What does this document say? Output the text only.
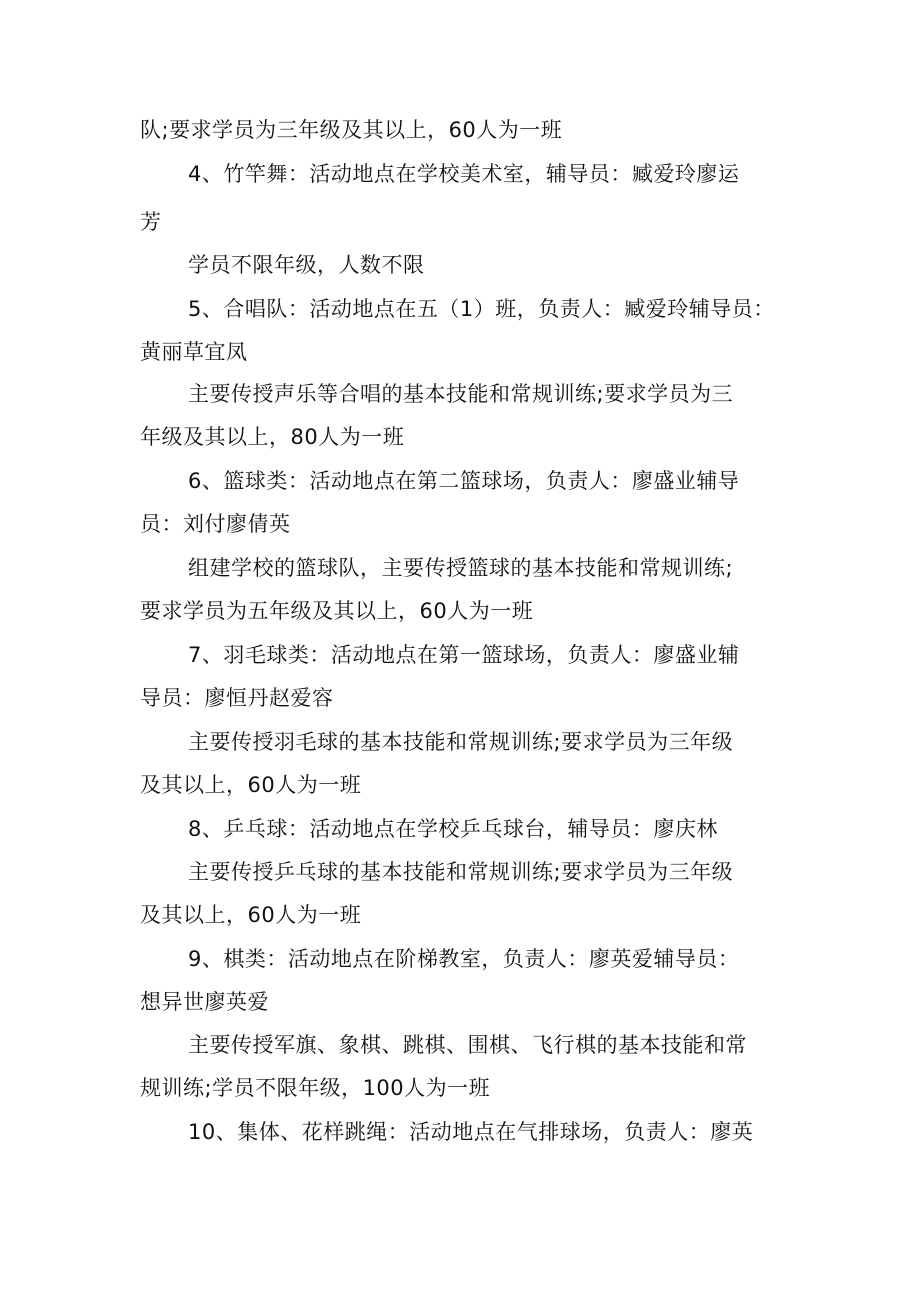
队;要求学员为三年级及其以上，60人为一班
4、竹竿舞：活动地点在学校美术室，辅导员：臧爱玲廖运
芳
学员不限年级，人数不限
5、合唱队：活动地点在五（1）班，负责人：臧爱玲辅导员：
黄丽草宜凤
主要传授声乐等合唱的基本技能和常规训练;要求学员为三
年级及其以上，80人为一班
6、篮球类：活动地点在第二篮球场，负责人：廖盛业辅导
员：刘付廖倩英
组建学校的篮球队，主要传授篮球的基本技能和常规训练;
要求学员为五年级及其以上，60人为一班
7、羽毛球类：活动地点在第一篮球场，负责人：廖盛业辅
导员：廖恒丹赵爱容
主要传授羽毛球的基本技能和常规训练;要求学员为三年级
及其以上，60人为一班
8、乒乓球：活动地点在学校乒乓球台，辅导员：廖庆林
主要传授乒乓球的基本技能和常规训练;要求学员为三年级
及其以上，60人为一班
9、棋类：活动地点在阶梯教室，负责人：廖英爱辅导员：
想异世廖英爱
主要传授军旗、象棋、跳棋、围棋、飞行棋的基本技能和常
规训练;学员不限年级，100人为一班
10、集体、花样跳绳：活动地点在气排球场，负责人：廖英
